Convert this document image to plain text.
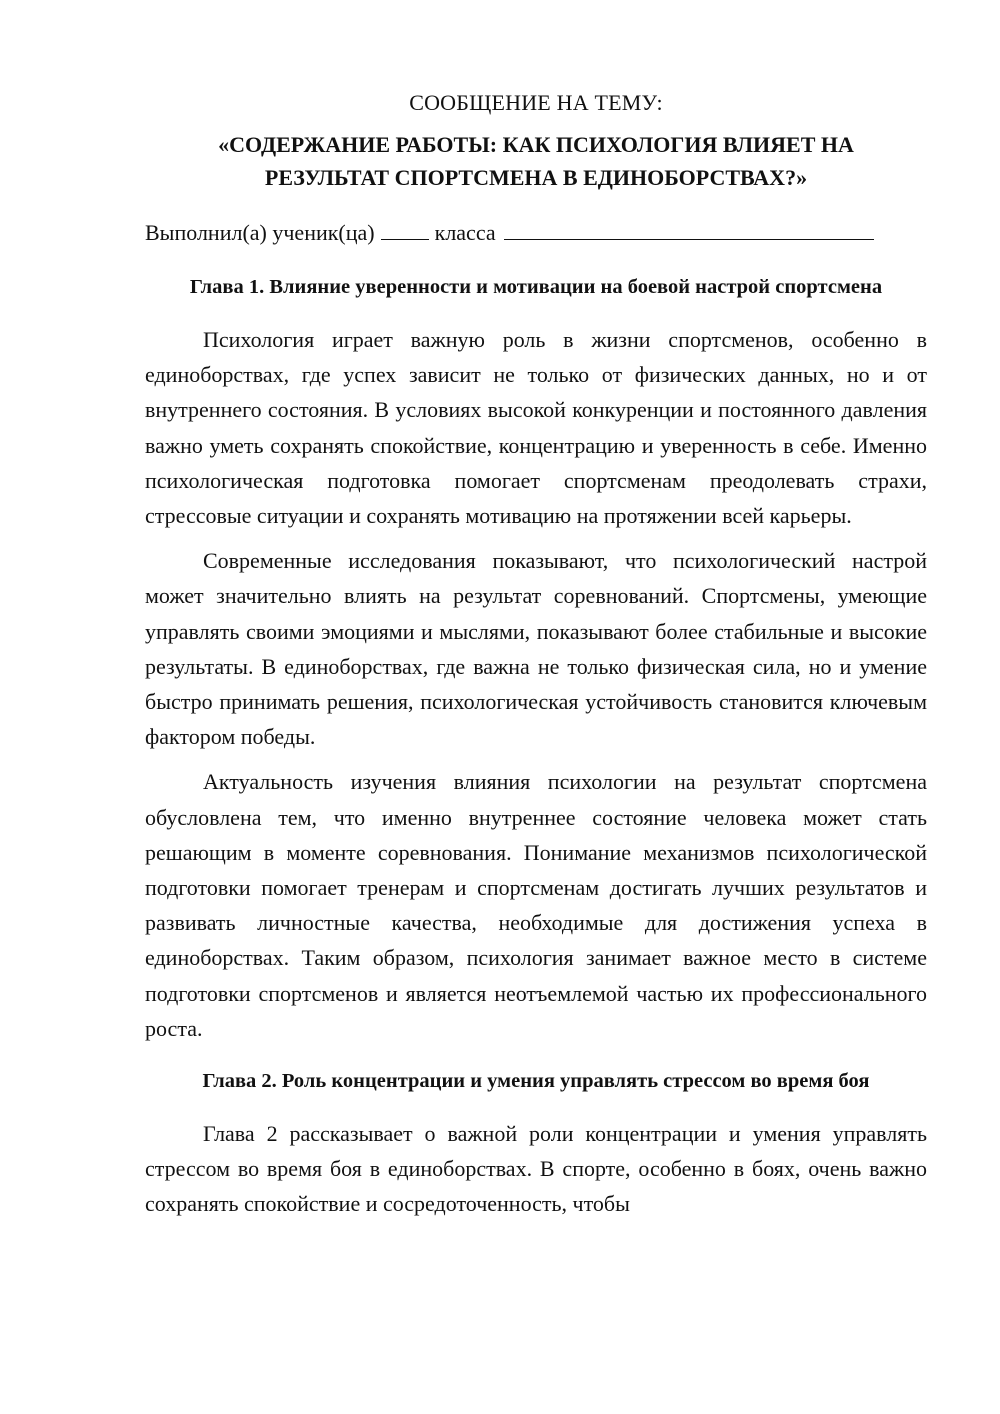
СООБЩЕНИЕ НА ТЕМУ:
«СОДЕРЖАНИЕ РАБОТЫ: КАК ПСИХОЛОГИЯ ВЛИЯЕТ НА
РЕЗУЛЬТАТ СПОРТСМЕНА В ЕДИНОБОРСТВАХ?»
Выполнил(а) ученик(ца)	класса
Глава 1. Влияние уверенности и мотивации на боевой настрой спортсмена

Психология играет важную роль в жизни спортсменов, особенно в единоборствах, где успех зависит не только от физических данных, но и от внутреннего состояния. В условиях высокой конкуренции и постоянного давления важно уметь сохранять спокойствие, концентрацию и уверенность в себе. Именно психологическая подготовка помогает спортсменам преодолевать страхи, стрессовые ситуации и сохранять мотивацию на протяжении всей карьеры.

Современные исследования показывают, что психологический настрой может значительно влиять на результат соревнований. Спортсмены, умеющие управлять своими эмоциями и мыслями, показывают более стабильные и высокие результаты. В единоборствах, где важна не только физическая сила, но и умение быстро принимать решения, психологическая устойчивость становится ключевым фактором победы.

Актуальность изучения влияния психологии на результат спортсмена обусловлена тем, что именно внутреннее состояние человека может стать решающим в моменте соревнования. Понимание механизмов психологической подготовки помогает тренерам и спортсменам достигать лучших результатов и развивать личностные качества, необходимые для достижения успеха в единоборствах. Таким образом, психология занимает важное место в системе подготовки спортсменов и является неотъемлемой частью их профессионального роста.

Глава 2. Роль концентрации и умения управлять стрессом во время боя

Глава 2 рассказывает о важной роли концентрации и умения управлять стрессом во время боя в единоборствах. В спорте, особенно в боях, очень важно сохранять спокойствие и сосредоточенность, чтобы
